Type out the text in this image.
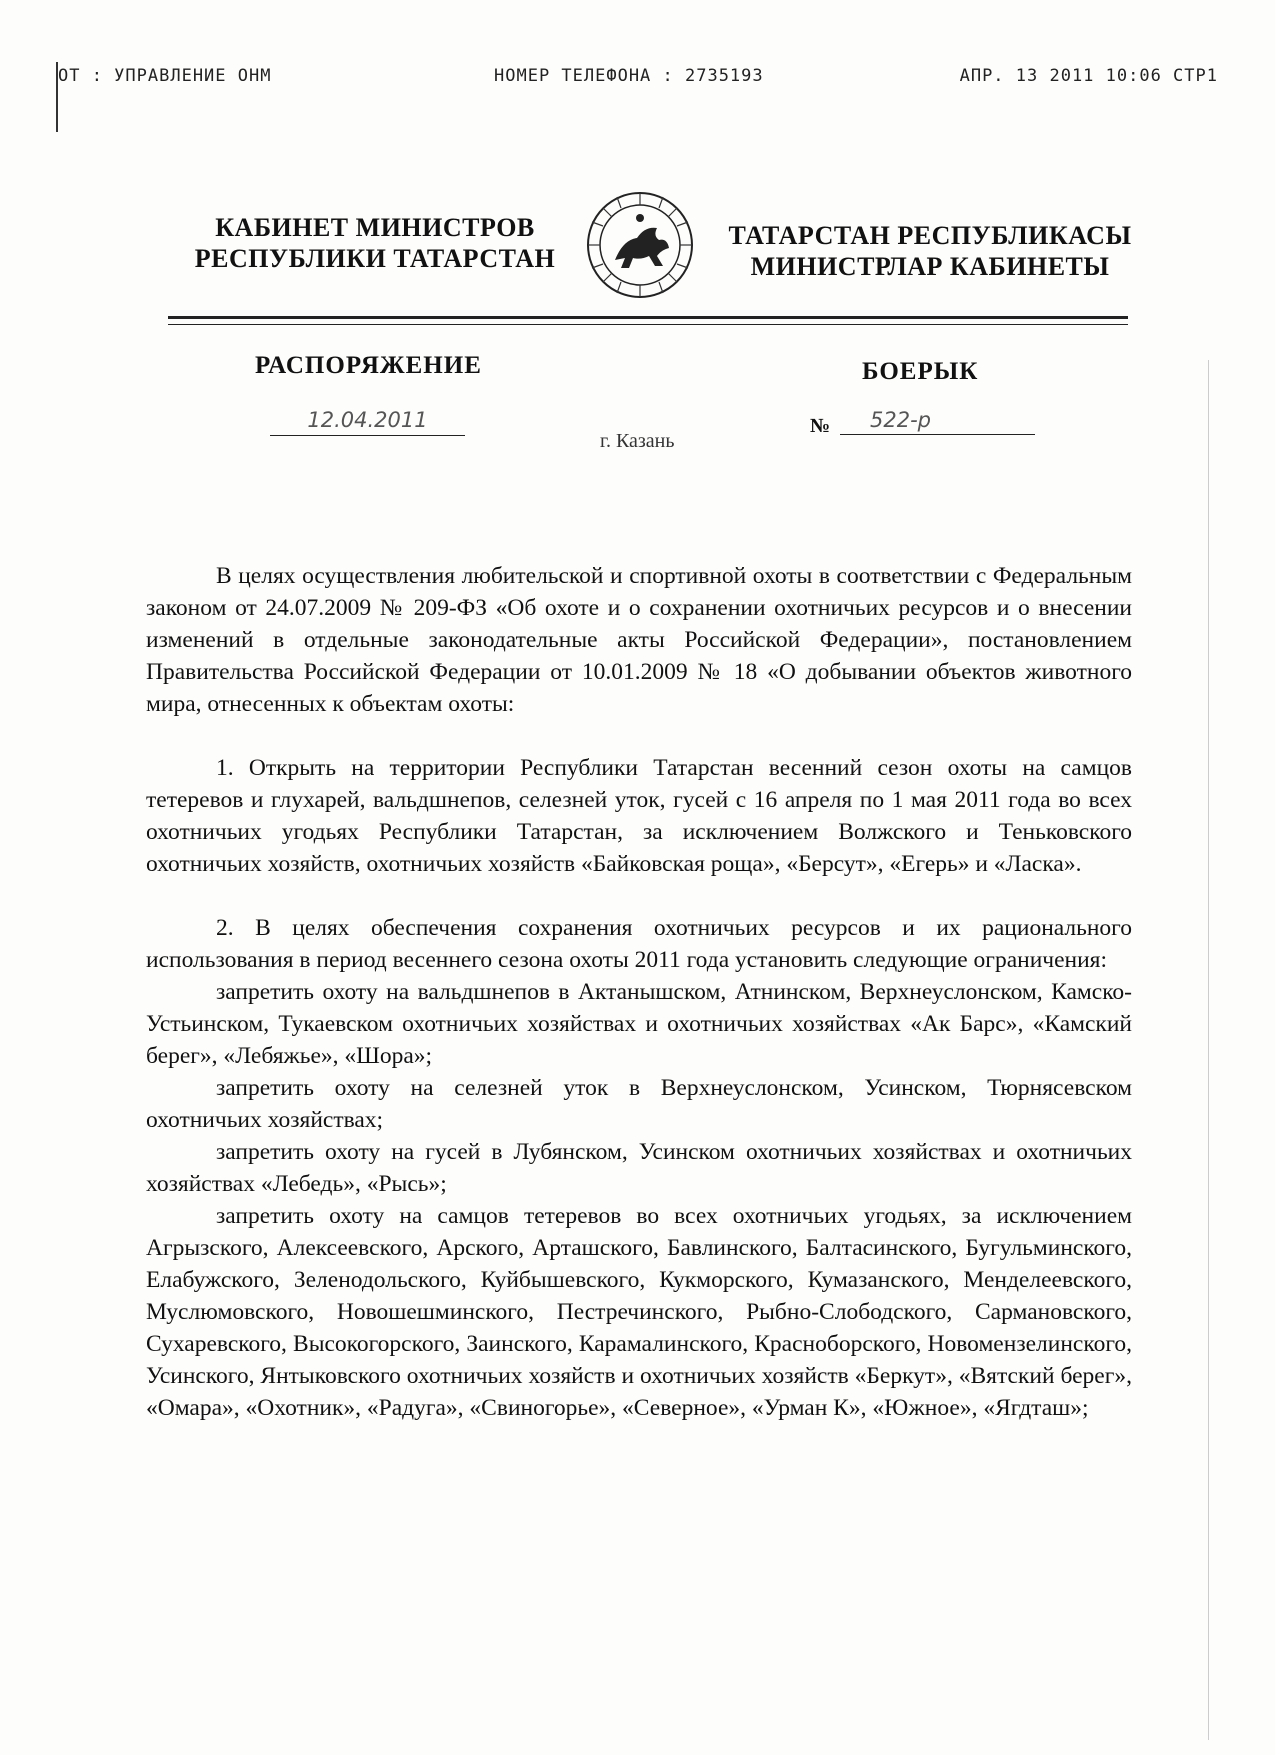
ОТ : УПРАВЛЕНИЕ ОНМ	НОМЕР ТЕЛЕФОНА : 2735193	АПР. 13 2011 10:06 СТР1
КАБИНЕТ МИНИСТРОВ
РЕСПУБЛИКИ ТАТАРСТАН
ТАТАРСТАН РЕСПУБЛИКАСЫ
МИНИСТРЛАР КАБИНЕТЫ
РАСПОРЯЖЕНИЕ	БОЕРЫК
12.04.2011
г. Казань
№	522-р

В целях осуществления любительской и спортивной охоты в соответствии с Федеральным законом от 24.07.2009 № 209-ФЗ «Об охоте и о сохранении охотничьих ресурсов и о внесении изменений в отдельные законодательные акты Российской Федерации», постановлением Правительства Российской Федерации от 10.01.2009 № 18 «О добывании объектов животного мира, отнесенных к объектам охоты:

1. Открыть на территории Республики Татарстан весенний сезон охоты на самцов тетеревов и глухарей, вальдшнепов, селезней уток, гусей с 16 апреля по 1 мая 2011 года во всех охотничьих угодьях Республики Татарстан, за исключением Волжского и Теньковского охотничьих хозяйств, охотничьих хозяйств «Байковская роща», «Берсут», «Егерь» и «Ласка».

2. В целях обеспечения сохранения охотничьих ресурсов и их рационального использования в период весеннего сезона охоты 2011 года установить следующие ограничения:

запретить охоту на вальдшнепов в Актанышском, Атнинском, Верхнеуслонском, Камско-Устьинском, Тукаевском охотничьих хозяйствах и охотничьих хозяйствах «Ак Барс», «Камский берег», «Лебяжье», «Шора»;

запретить охоту на селезней уток в Верхнеуслонском, Усинском, Тюрнясевском охотничьих хозяйствах;

запретить охоту на гусей в Лубянском, Усинском охотничьих хозяйствах и охотничьих хозяйствах «Лебедь», «Рысь»;

запретить охоту на самцов тетеревов во всех охотничьих угодьях, за исключением Агрызского, Алексеевского, Арского, Арташского, Бавлинского, Балтасинского, Бугульминского, Елабужского, Зеленодольского, Куйбышевского, Кукморского, Кумазанского, Менделеевского, Муслюмовского, Новошешминского, Пестречинского, Рыбно-Слободского, Сармановского, Сухаревского, Высокогорского, Заинского, Карамалинского, Красноборского, Новомензелинского, Усинского, Янтыковского охотничьих хозяйств и охотничьих хозяйств «Беркут», «Вятский берег», «Омара», «Охотник», «Радуга», «Свиногорье», «Северное», «Урман К», «Южное», «Ягдташ»;
